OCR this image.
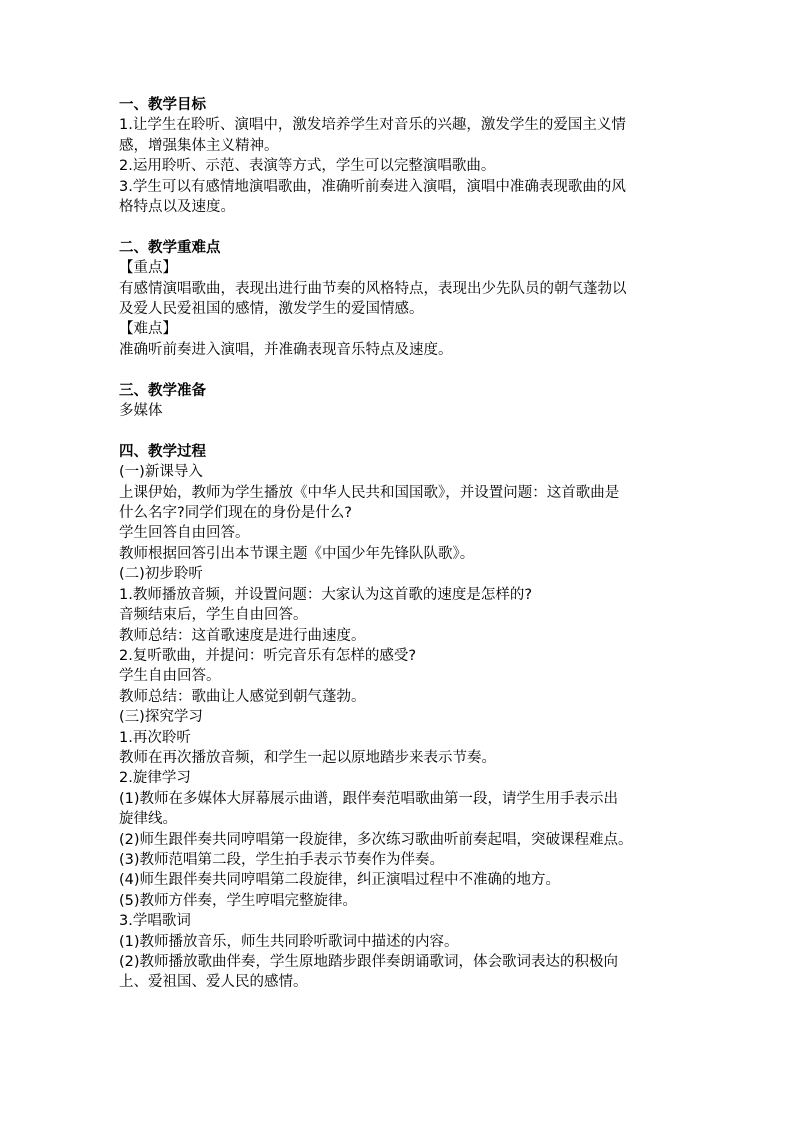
一、教学目标

1.让学生在聆听、演唱中，激发培养学生对音乐的兴趣，激发学生的爱国主义情

感，增强集体主义精神。

2.运用聆听、示范、表演等方式，学生可以完整演唱歌曲。

3.学生可以有感情地演唱歌曲，准确听前奏进入演唱，演唱中准确表现歌曲的风

格特点以及速度。

二、教学重难点

【重点】

有感情演唱歌曲，表现出进行曲节奏的风格特点，表现出少先队员的朝气蓬勃以

及爱人民爱祖国的感情，激发学生的爱国情感。

【难点】

准确听前奏进入演唱，并准确表现音乐特点及速度。

三、教学准备

多媒体

四、教学过程

(一)新课导入

上课伊始，教师为学生播放《中华人民共和国国歌》，并设置问题：这首歌曲是

什么名字?同学们现在的身份是什么?

学生回答自由回答。

教师根据回答引出本节课主题《中国少年先锋队队歌》。

(二)初步聆听

1.教师播放音频，并设置问题：大家认为这首歌的速度是怎样的?

音频结束后，学生自由回答。

教师总结：这首歌速度是进行曲速度。

2.复听歌曲，并提问：听完音乐有怎样的感受?

学生自由回答。

教师总结：歌曲让人感觉到朝气蓬勃。

(三)探究学习

1.再次聆听

教师在再次播放音频，和学生一起以原地踏步来表示节奏。

2.旋律学习

(1)教师在多媒体大屏幕展示曲谱，跟伴奏范唱歌曲第一段，请学生用手表示出

旋律线。

(2)师生跟伴奏共同哼唱第一段旋律，多次练习歌曲听前奏起唱，突破课程难点。

(3)教师范唱第二段，学生拍手表示节奏作为伴奏。

(4)师生跟伴奏共同哼唱第二段旋律，纠正演唱过程中不准确的地方。

(5)教师方伴奏，学生哼唱完整旋律。

3.学唱歌词

(1)教师播放音乐，师生共同聆听歌词中描述的内容。

(2)教师播放歌曲伴奏，学生原地踏步跟伴奏朗诵歌词，体会歌词表达的积极向

上、爱祖国、爱人民的感情。
